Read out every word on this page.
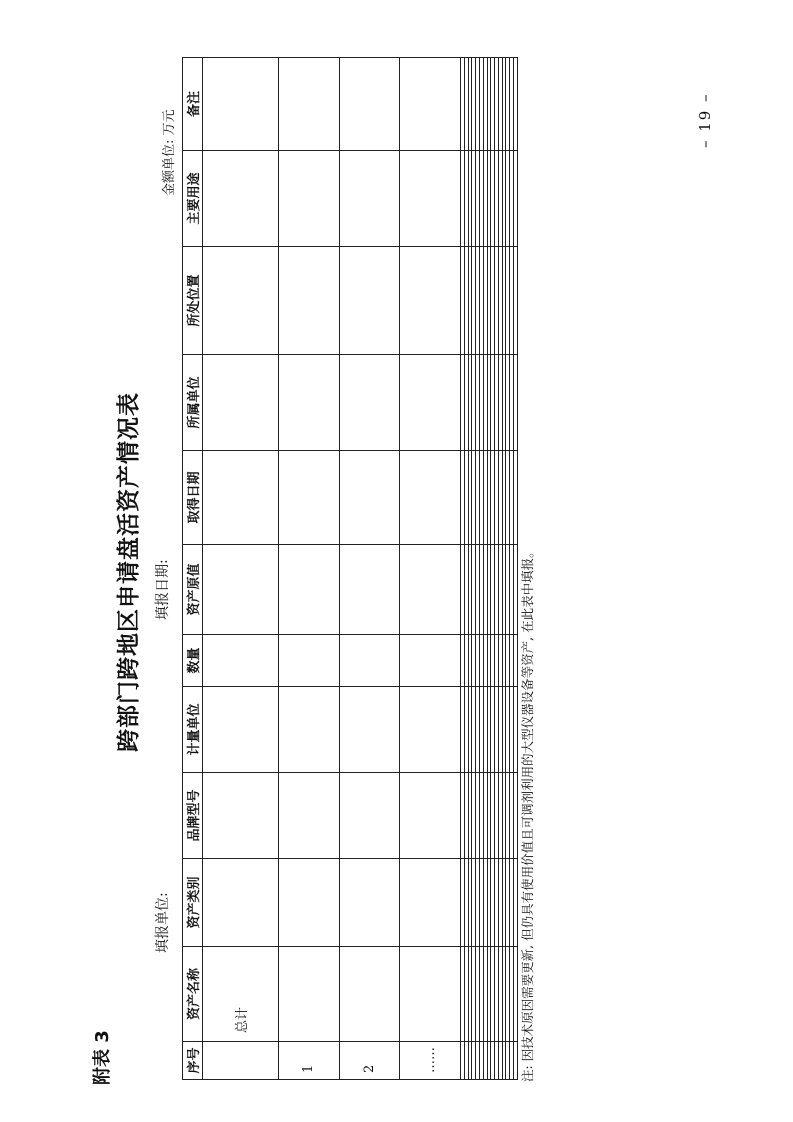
附表 3
跨部门跨地区申请盘活资产情况表
填报单位:
填报日期:
金额单位: 万元	– 19 –
序号	资产名称	资产类别	品牌型号	计量单位	数量	资产原值	取得日期	所属单位	所处位置	主要用途	备注
	总计										
1											
2											
……											

												注: 因技术原因需要更新, 但仍具有使用价值且可调剂利用的大型仪器设备等资产, 在此表中填报。
